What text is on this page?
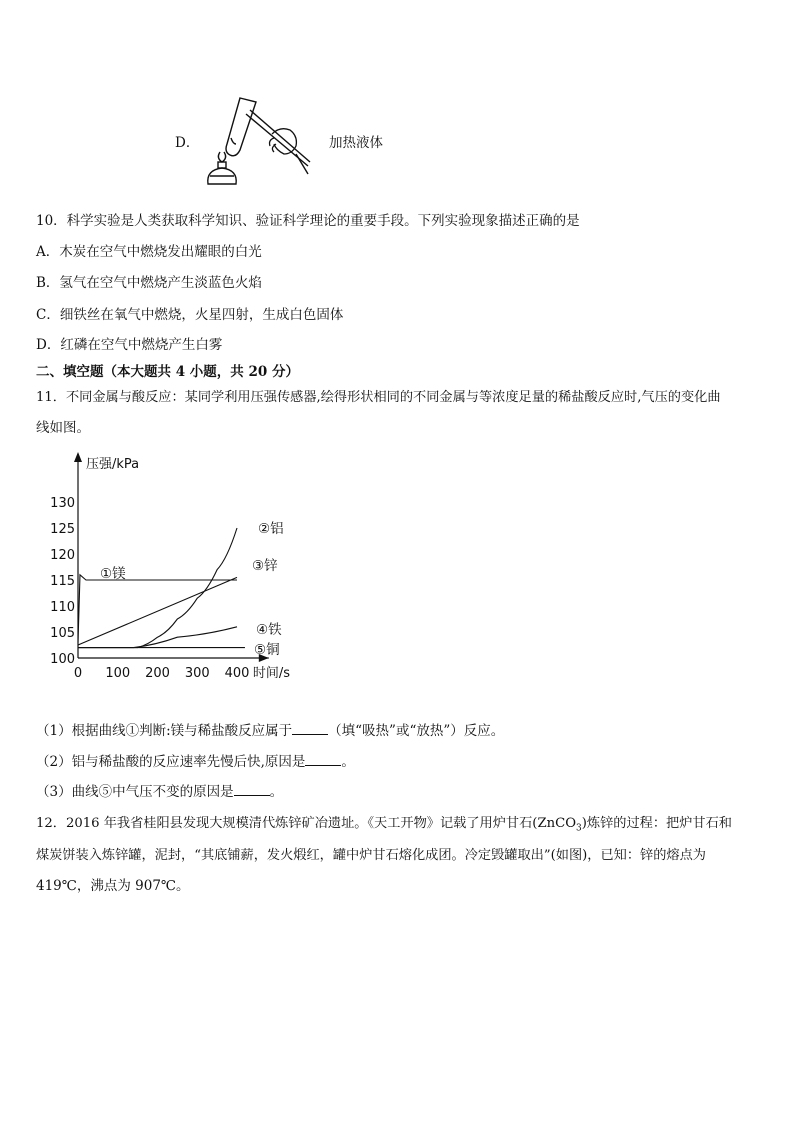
D．	加热液体
10．科学实验是人类获取科学知识、验证科学理论的重要手段。下列实验现象描述正确的是
A．木炭在空气中燃烧发出耀眼的白光
B．氢气在空气中燃烧产生淡蓝色火焰
C．细铁丝在氧气中燃烧，火星四射，生成白色固体
D．红磷在空气中燃烧产生白雾
二、填空题（本大题共 4 小题，共 20 分）
11．不同金属与酸反应：某同学利用压强传感器,绘得形状相同的不同金属与等浓度足量的稀盐酸反应时,气压的变化曲
线如图。
100
105
110
115
120
125
130
0 100 200 300 400
压强/kPa
时间/s
①镁
②铝
③锌
④铁
⑤铜
（1）根据曲线①判断:镁与稀盐酸反应属于	（填“吸热”或“放热”）反应。
（2）铝与稀盐酸的反应速率先慢后快,原因是	。
（3）曲线⑤中气压不变的原因是	。
12．2016 年我省桂阳县发现大规模清代炼锌矿冶遗址。《天工开物》记载了用炉甘石(ZnCO$_3$)炼锌的过程：把炉甘石和
煤炭饼装入炼锌罐，泥封，“其底铺薪，发火煅红，罐中炉甘石熔化成团。冷定毁罐取出”(如图)，已知：锌的熔点为
419℃，沸点为 907℃。
